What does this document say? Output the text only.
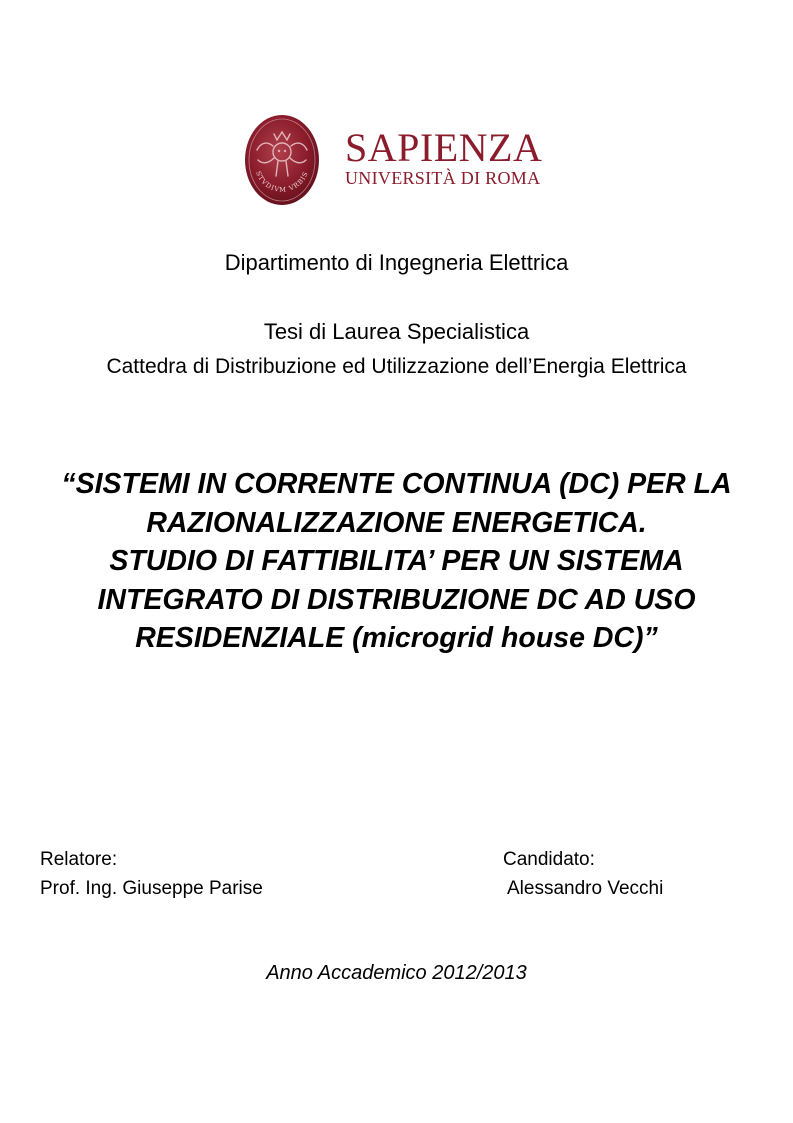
STVDIVM VRBIS
SAPIENZA
UNIVERSITÀ DI ROMA
Dipartimento di Ingegneria Elettrica
Tesi di Laurea Specialistica
Cattedra di Distribuzione ed Utilizzazione dell’Energia Elettrica
“SISTEMI IN CORRENTE CONTINUA (DC) PER LA
RAZIONALIZZAZIONE ENERGETICA.
STUDIO DI FATTIBILITA’ PER UN SISTEMA
INTEGRATO DI DISTRIBUZIONE DC AD USO
RESIDENZIALE (microgrid house DC)”
Relatore:
Prof. Ing. Giuseppe Parise
Candidato:
Alessandro Vecchi
Anno Accademico 2012/2013
